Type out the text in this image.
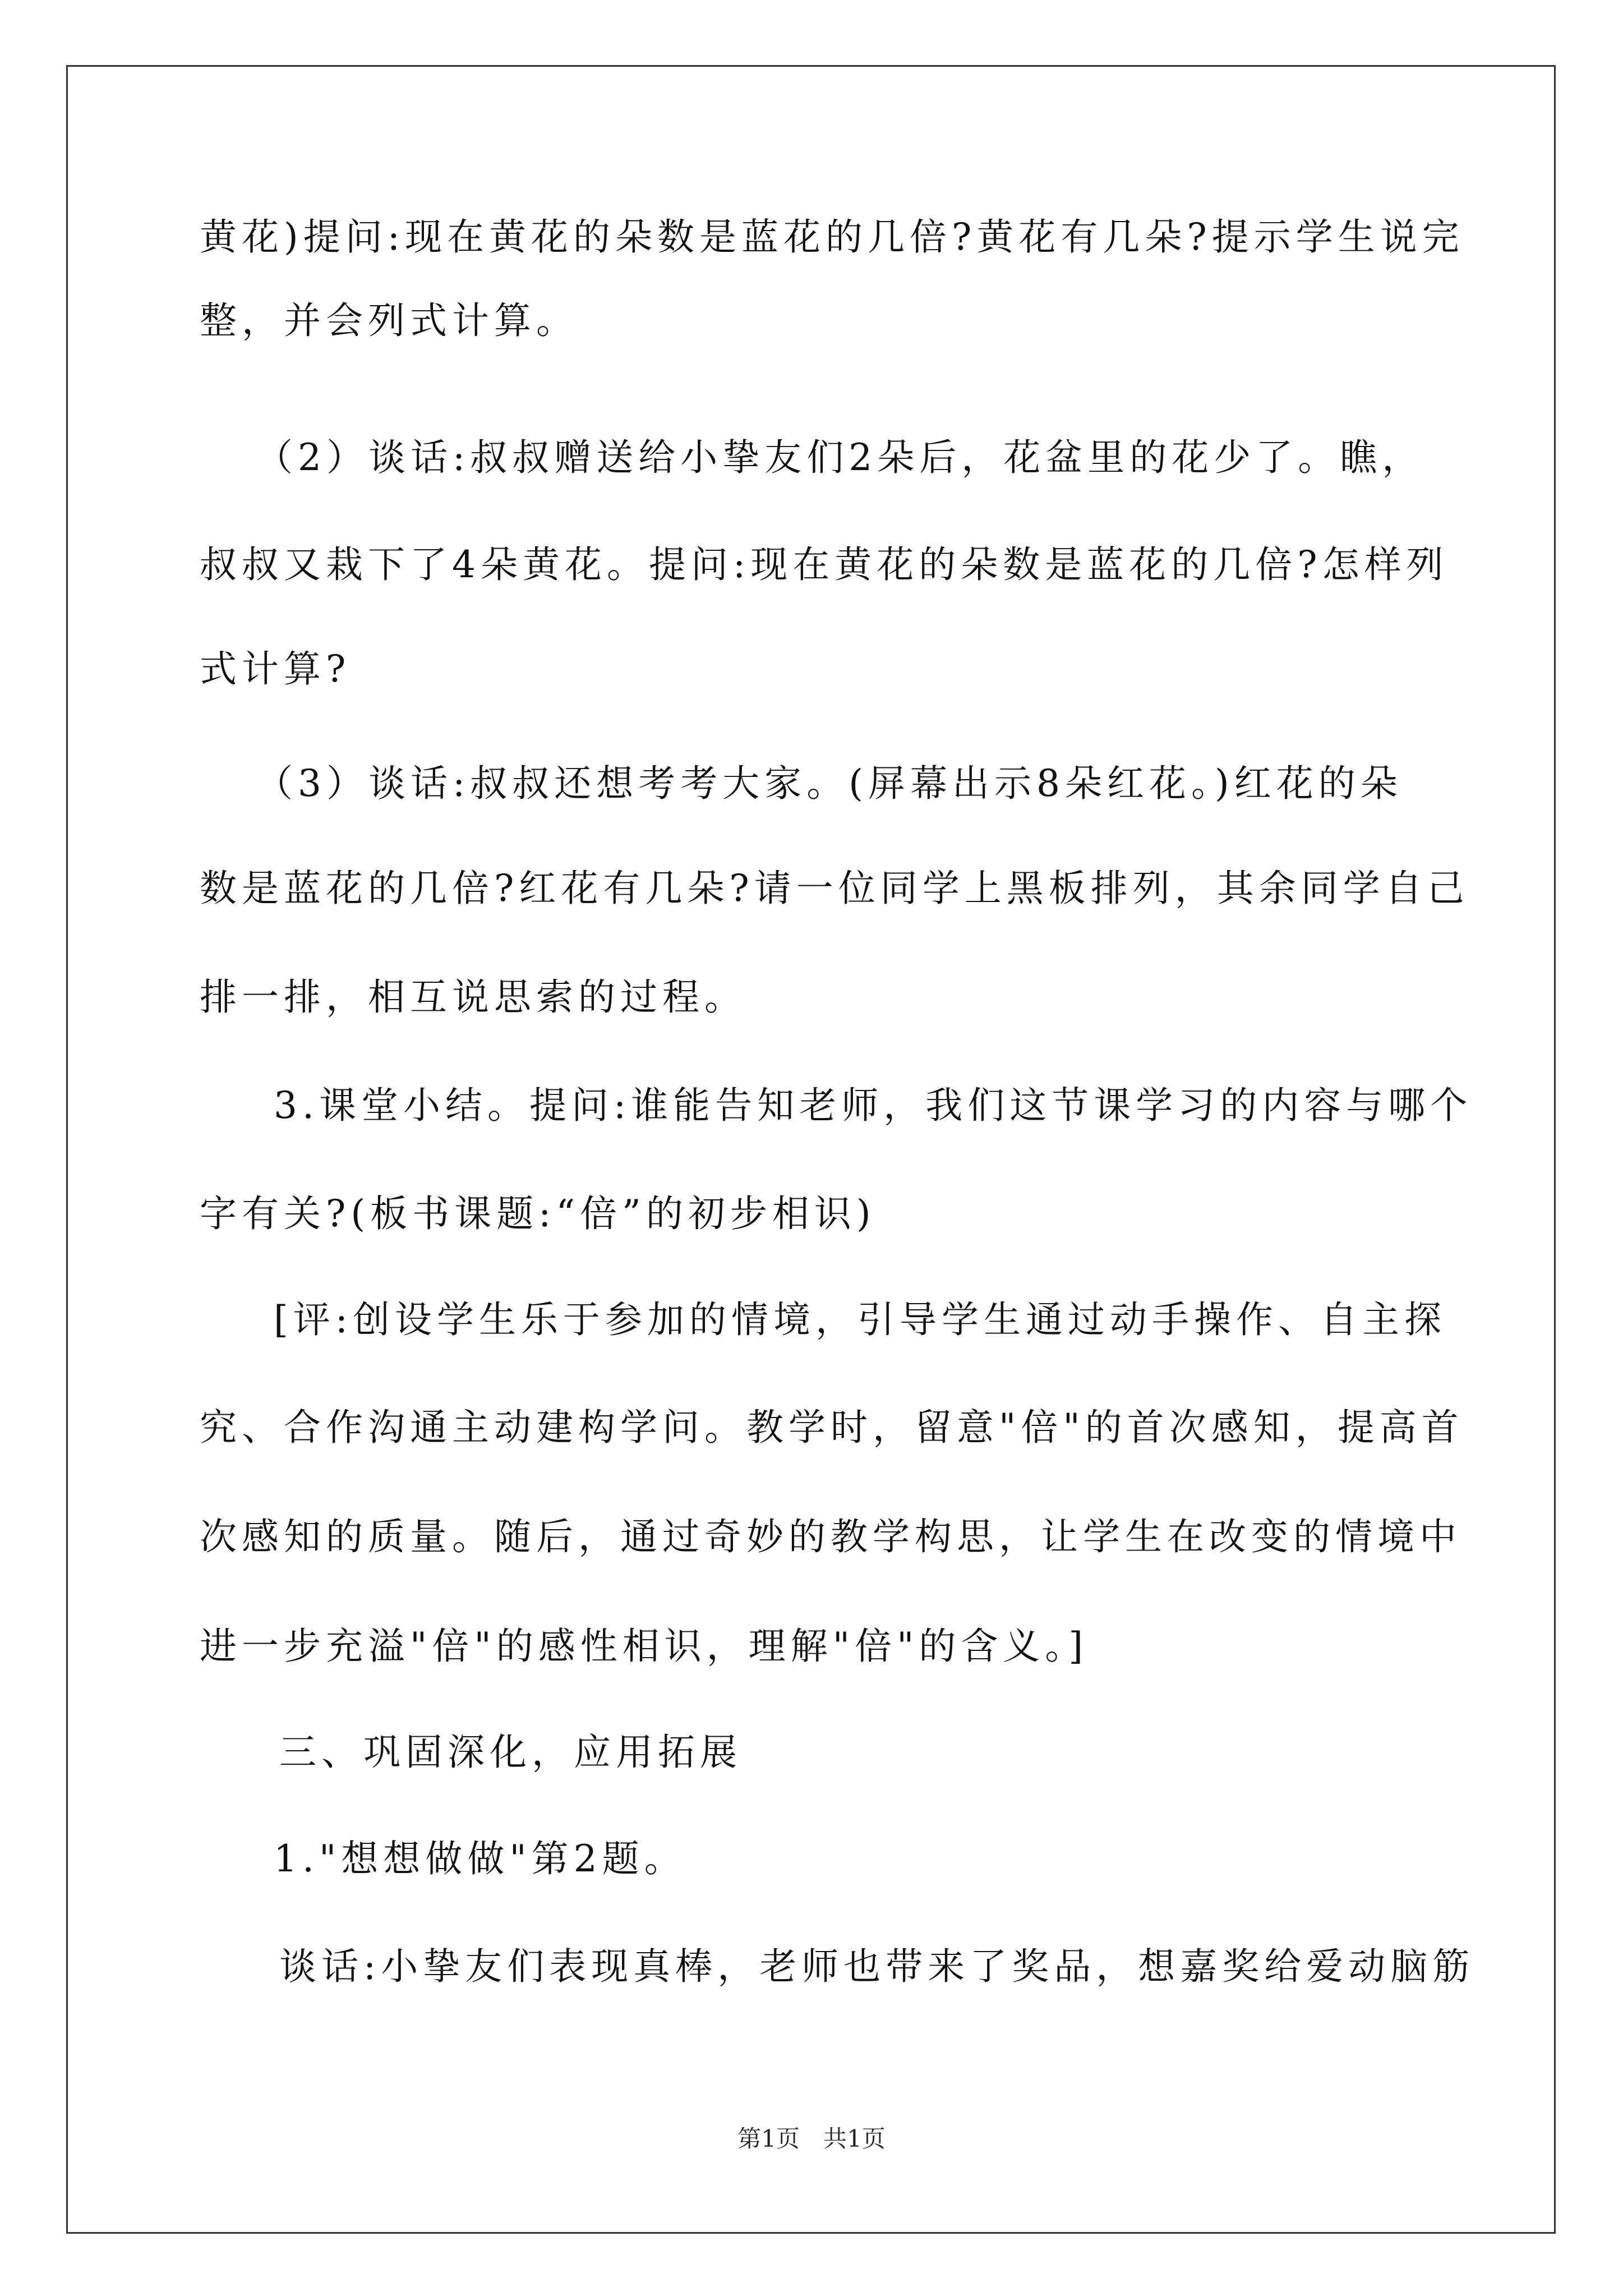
黄花)提问:现在黄花的朵数是蓝花的几倍?黄花有几朵?提示学生说完
整，并会列式计算。
（2）谈话:叔叔赠送给小挚友们2朵后，花盆里的花少了。瞧，
叔叔又栽下了4朵黄花。提问:现在黄花的朵数是蓝花的几倍?怎样列
式计算?
（3）谈话:叔叔还想考考大家。(屏幕出示8朵红花。)红花的朵
数是蓝花的几倍?红花有几朵?请一位同学上黑板排列，其余同学自己
排一排，相互说思索的过程。
3.课堂小结。提问:谁能告知老师，我们这节课学习的内容与哪个
字有关?(板书课题:“倍”的初步相识)
[评:创设学生乐于参加的情境，引导学生通过动手操作、自主探
究、合作沟通主动建构学问。教学时，留意"倍"的首次感知，提高首
次感知的质量。随后，通过奇妙的教学构思，让学生在改变的情境中
进一步充溢"倍"的感性相识，理解"倍"的含义。]
三、巩固深化，应用拓展
1."想想做做"第2题。
谈话:小挚友们表现真棒，老师也带来了奖品，想嘉奖给爱动脑筋
第1页　共1页
